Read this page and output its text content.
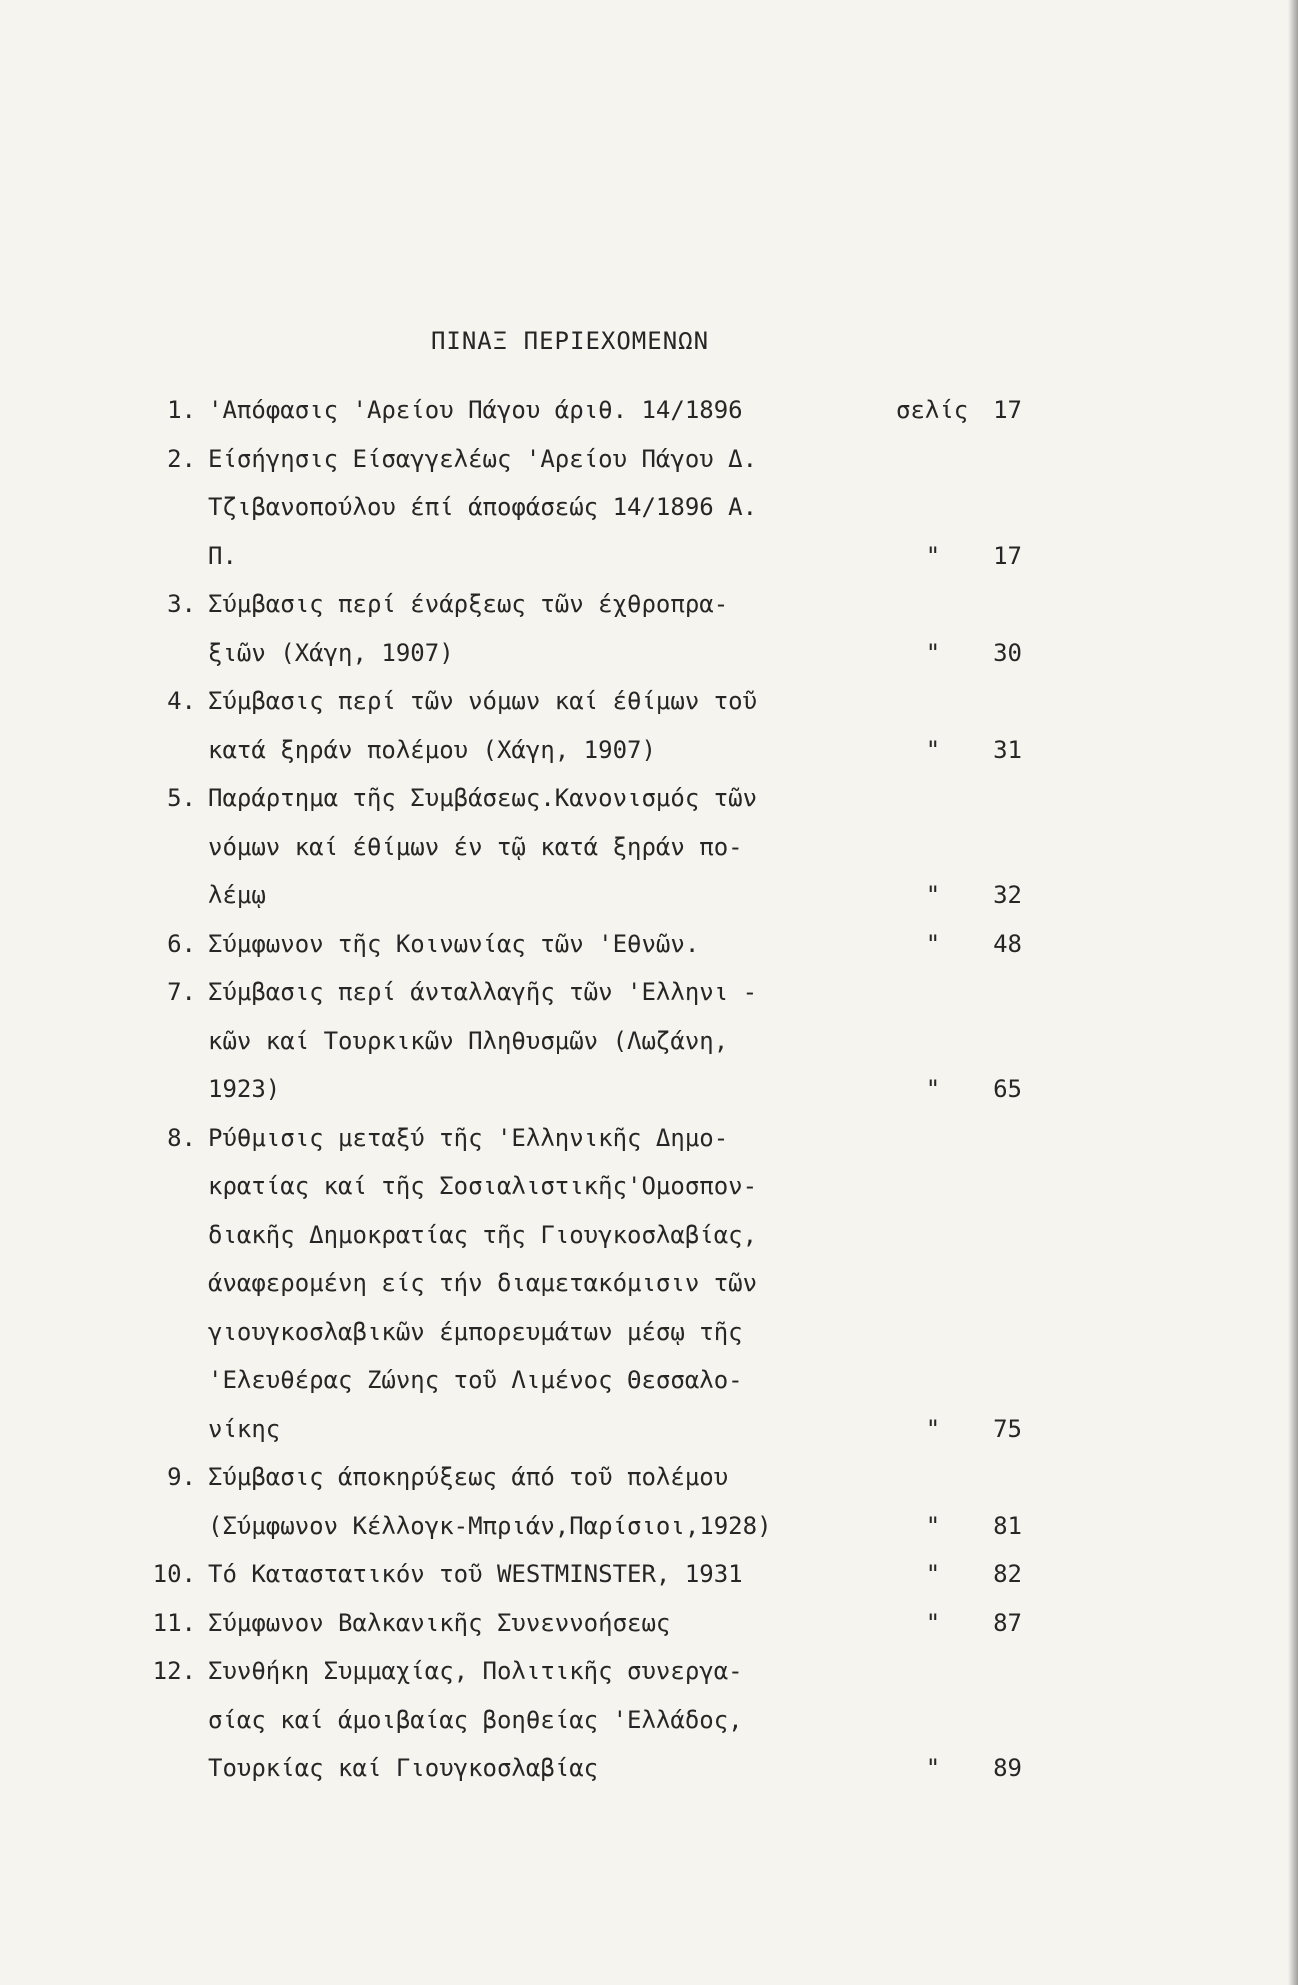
ΠΙΝΑΞ ΠΕΡΙΕΧΟΜΕΝΩΝ
1. 'Απόφασις 'Αρείου Πάγου άριθ. 14/1896	σελίς	17
2. Είσήγησις Είσαγγελέως 'Αρείου Πάγου Δ.
Τζιβανοπούλου έπί άποφάσεώς 14/1896 Α.
Π.	"	17
3. Σύμβασις περί ένάρξεως τῶν έχθροπρα-
ξιῶν (Χάγη, 1907)	"	30
4. Σύμβασις περί τῶν νόμων καί έθίμων τοῦ
κατά ξηράν πολέμου (Χάγη, 1907)	"	31
5. Παράρτημα τῆς Συμβάσεως.Κανονισμός τῶν
νόμων καί έθίμων έν τῷ κατά ξηράν πο-
λέμῳ	"	32
6. Σύμφωνον τῆς Κοινωνίας τῶν 'Εθνῶν.	"	48
7. Σύμβασις περί άνταλλαγῆς τῶν 'Ελληνι -
κῶν καί Τουρκικῶν Πληθυσμῶν (Λωζάνη,
1923)	"	65
8. Ρύθμισις μεταξύ τῆς 'Ελληνικῆς Δημο-
κρατίας καί τῆς Σοσιαλιστικῆς'Ομοσπον-
διακῆς Δημοκρατίας τῆς Γιουγκοσλαβίας,
άναφερομένη είς τήν διαμετακόμισιν τῶν
γιουγκοσλαβικῶν έμπορευμάτων μέσῳ τῆς
'Ελευθέρας Ζώνης τοῦ Λιμένος Θεσσαλο-
νίκης	"	75
9. Σύμβασις άποκηρύξεως άπό τοῦ πολέμου
(Σύμφωνον Κέλλογκ-Μπριάν,Παρίσιοι,1928)	"	81
10. Τό Καταστατικόν τοῦ WESTMINSTER, 1931	"	82
11. Σύμφωνον Βαλκανικῆς Συνεννοήσεως	"	87
12. Συνθήκη Συμμαχίας, Πολιτικῆς συνεργα-
σίας καί άμοιβαίας βοηθείας 'Ελλάδος,
Τουρκίας καί Γιουγκοσλαβίας	"	89
